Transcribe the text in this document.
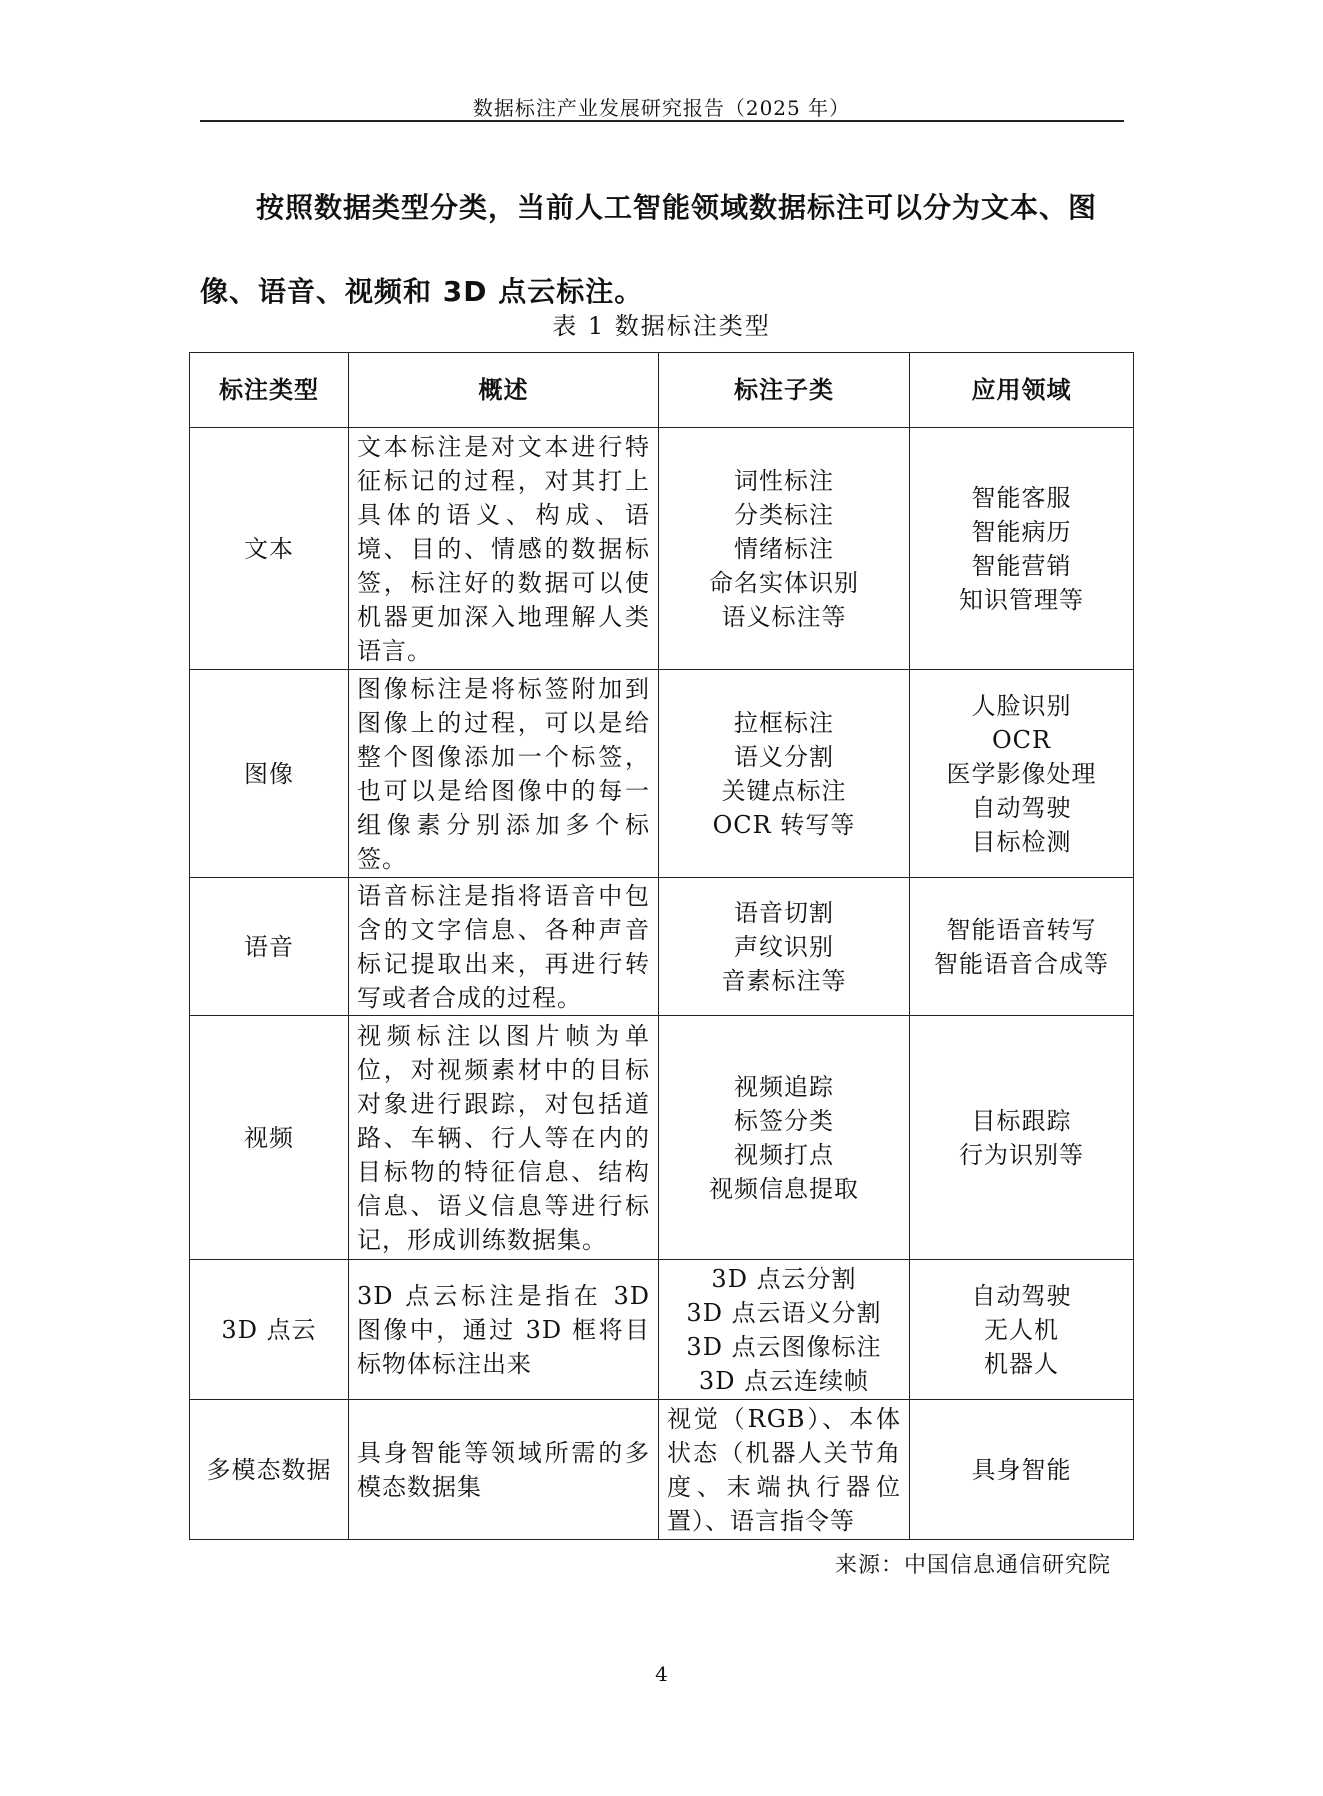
数据标注产业发展研究报告（2025 年）

按照数据类型分类，当前人工智能领域数据标注可以分为文本、图像、语音、视频和 3D 点云标注。

表 1 数据标注类型
标注类型	概述	标注子类	应用领域
文本	文本标注是对文本进行特征标记的过程，对其打上具体的语义、构成、语境、目的、情感的数据标签，标注好的数据可以使机器更加深入地理解人类语言。	词性标注
分类标注
情绪标注
命名实体识别
语义标注等	智能客服
智能病历
智能营销
知识管理等

图像	图像标注是将标签附加到图像上的过程，可以是给整个图像添加一个标签，也可以是给图像中的每一组像素分别添加多个标签。	拉框标注
语义分割
关键点标注
OCR 转写等	人脸识别
OCR
医学影像处理
自动驾驶
目标检测

语音	语音标注是指将语音中包含的文字信息、各种声音标记提取出来，再进行转写或者合成的过程。	语音切割
声纹识别
音素标注等	智能语音转写
智能语音合成等

视频	视频标注以图片帧为单位，对视频素材中的目标对象进行跟踪，对包括道路、车辆、行人等在内的目标物的特征信息、结构信息、语义信息等进行标记，形成训练数据集。	视频追踪
标签分类
视频打点
视频信息提取	目标跟踪
行为识别等

3D 点云	3D 点云标注是指在 3D 图像中，通过 3D 框将目标物体标注出来	3D 点云分割
3D 点云语义分割
3D 点云图像标注
3D 点云连续帧	自动驾驶
无人机
机器人

多模态数据	具身智能等领域所需的多模态数据集	视觉（RGB）、本体状态（机器人关节角度、末端执行器位置）、语言指令等	具身智能
来源：中国信息通信研究院
4
